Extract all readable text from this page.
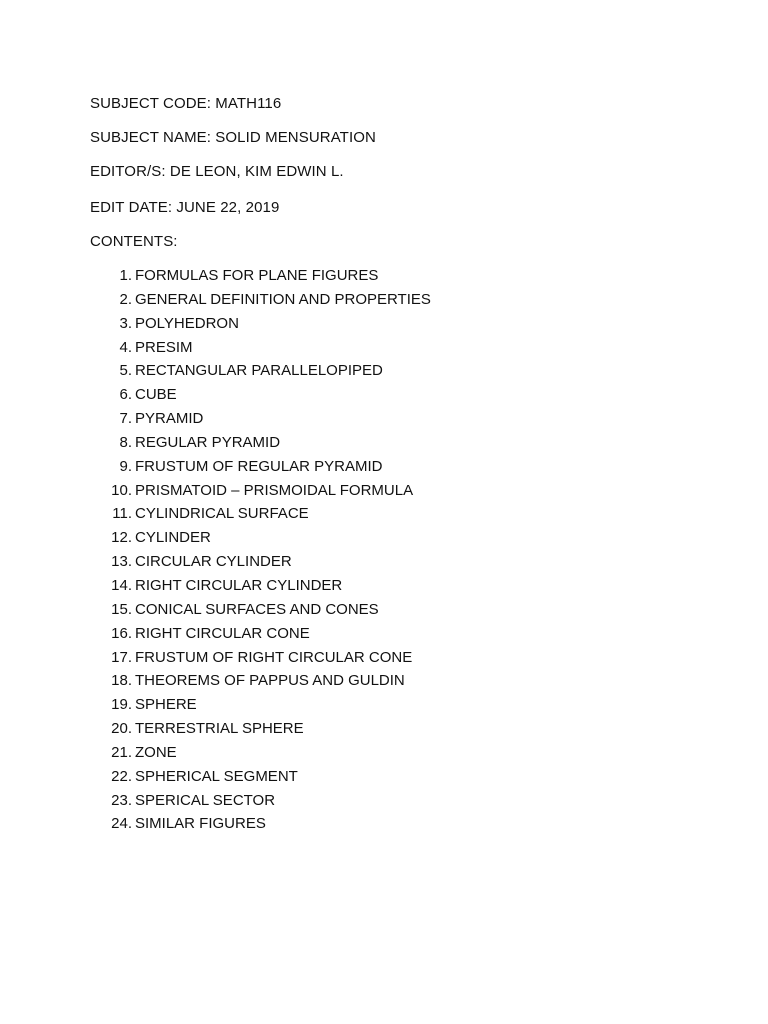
SUBJECT CODE: MATH116
SUBJECT NAME: SOLID MENSURATION
EDITOR/S: DE LEON, KIM EDWIN L.
EDIT DATE: JUNE 22, 2019
CONTENTS:
1. FORMULAS FOR PLANE FIGURES
2. GENERAL DEFINITION AND PROPERTIES
3. POLYHEDRON
4. PRESIM
5. RECTANGULAR PARALLELOPIPED
6. CUBE
7. PYRAMID
8. REGULAR PYRAMID
9. FRUSTUM OF REGULAR PYRAMID
10. PRISMATOID – PRISMOIDAL FORMULA
11. CYLINDRICAL SURFACE
12. CYLINDER
13. CIRCULAR CYLINDER
14. RIGHT CIRCULAR CYLINDER
15. CONICAL SURFACES AND CONES
16. RIGHT CIRCULAR CONE
17. FRUSTUM OF RIGHT CIRCULAR CONE
18. THEOREMS OF PAPPUS AND GULDIN
19. SPHERE
20. TERRESTRIAL SPHERE
21. ZONE
22. SPHERICAL SEGMENT
23. SPERICAL SECTOR
24. SIMILAR FIGURES
